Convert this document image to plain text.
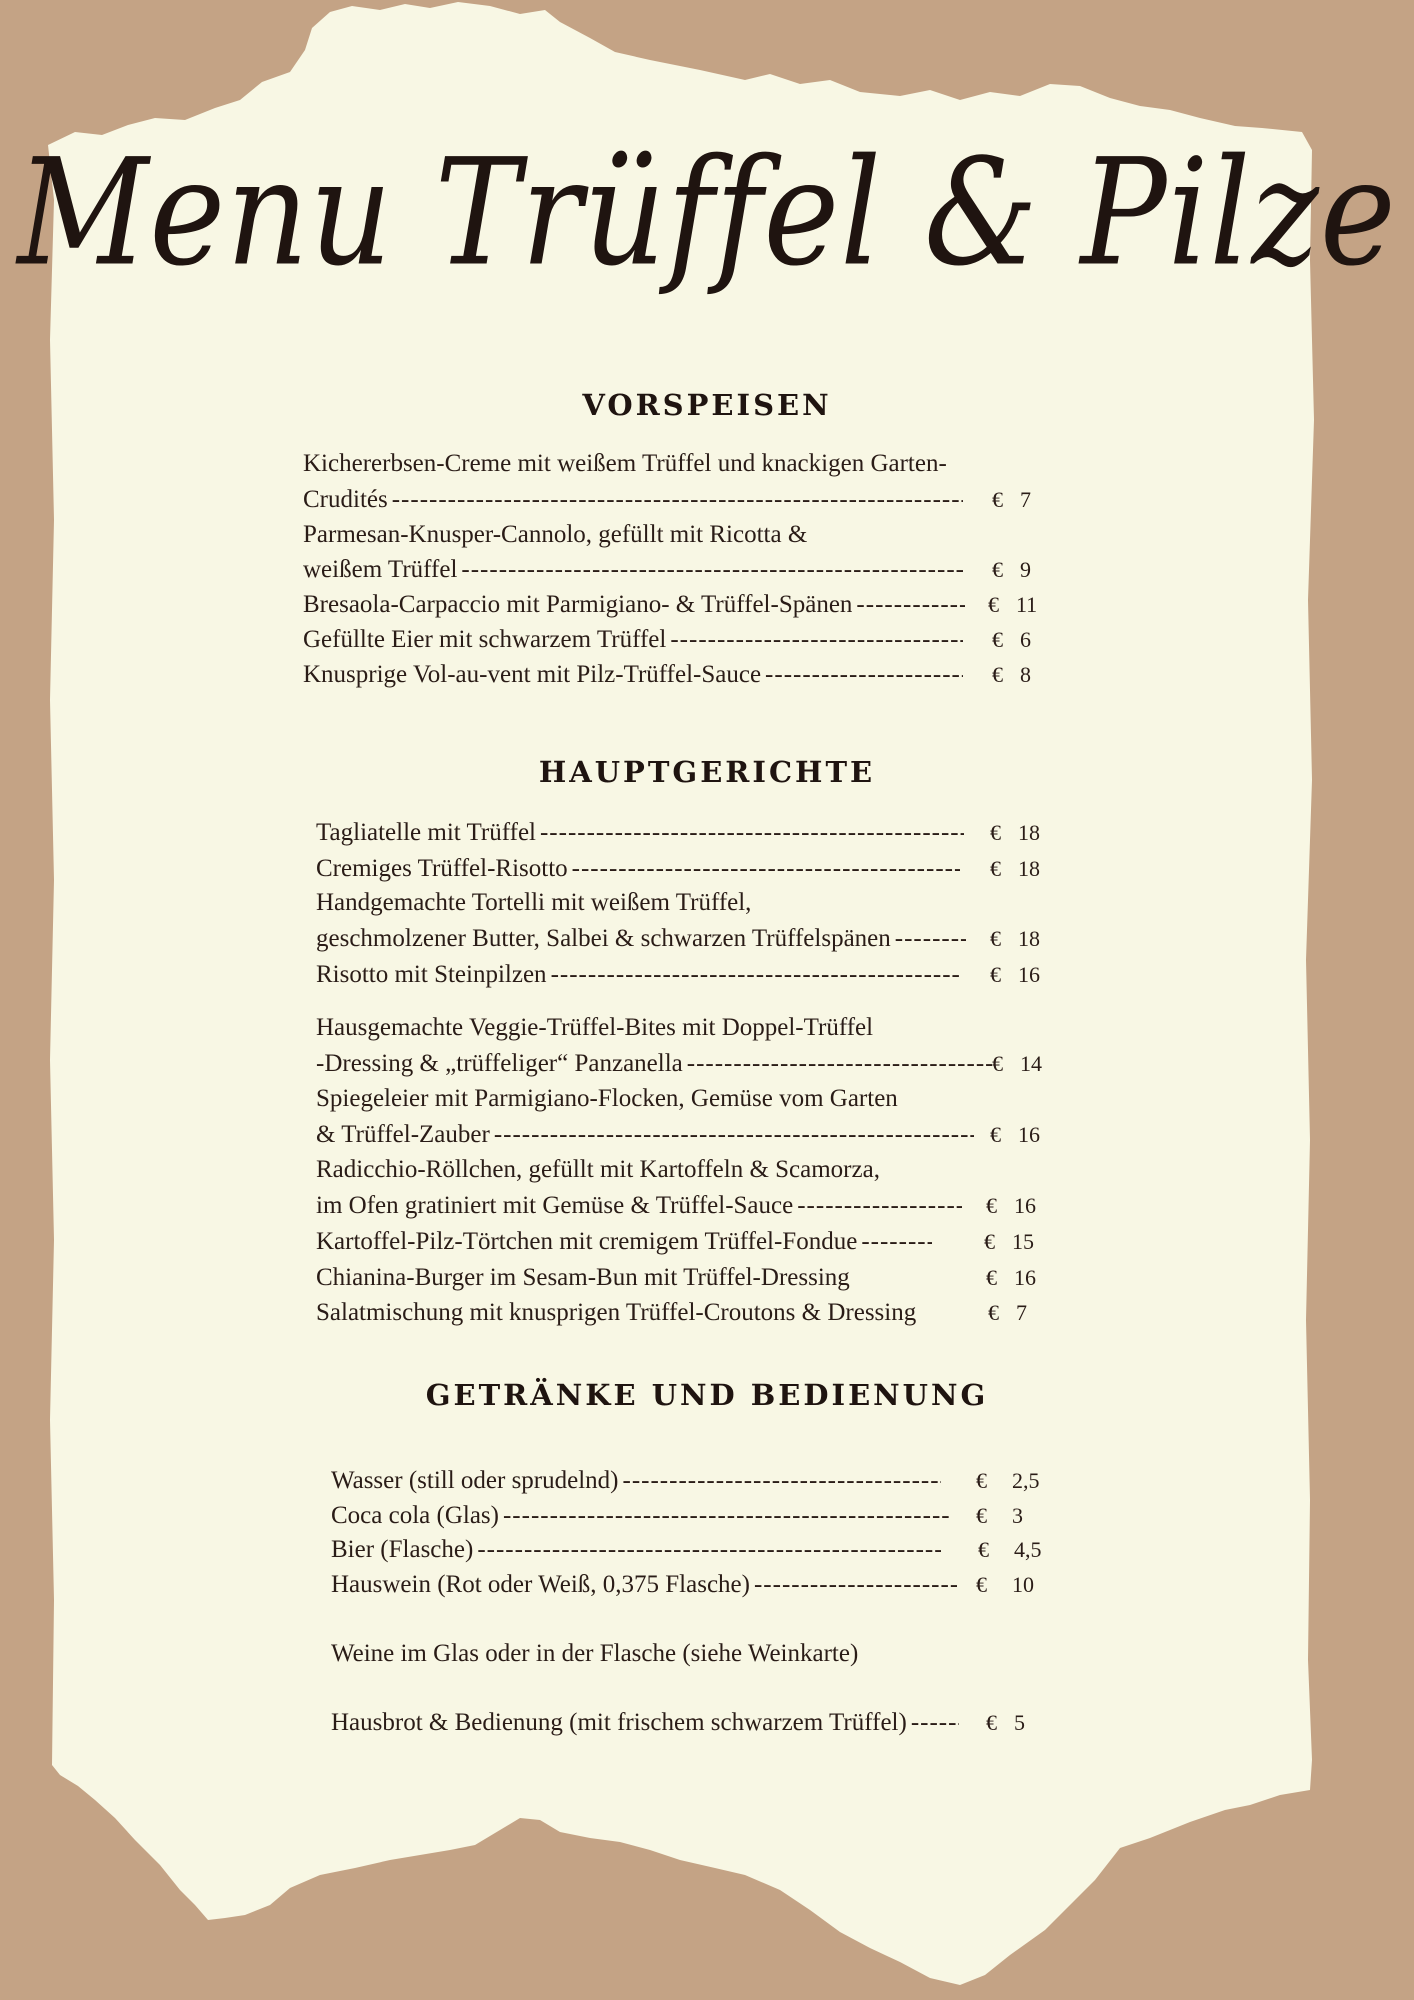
Menu Trüffel & Pilze
VORSPEISEN
Kichererbsen-Creme mit weißem Trüffel und knackigen Garten-
Crudités
-----
Parmesan-Knusper-Cannolo, gefüllt mit Ricotta &
weißem Trüffel
-----
Bresaola-Carpaccio mit Parmigiano- & Trüffel-Spänen
-----
Gefüllte Eier mit schwarzem Trüffel
-----
Knusprige Vol-au-vent mit Pilz-Trüffel-Sauce
-----
€ 7
€ 9
€ 11
€ 6
€ 8
HAUPTGERICHTE
Tagliatelle mit Trüffel
-----
Cremiges Trüffel-Risotto
-----
Handgemachte Tortelli mit weißem Trüffel,
geschmolzener Butter, Salbei & schwarzen Trüffelspänen
-----
Risotto mit Steinpilzen
-----
Hausgemachte Veggie-Trüffel-Bites mit Doppel-Trüffel
-Dressing & „trüffeliger“ Panzanella
-----
Spiegeleier mit Parmigiano-Flocken, Gemüse vom Garten
& Trüffel-Zauber
-----
Radicchio-Röllchen, gefüllt mit Kartoffeln & Scamorza,
im Ofen gratiniert mit Gemüse & Trüffel-Sauce
-----
Kartoffel-Pilz-Törtchen mit cremigem Trüffel-Fondue
-----
Chianina-Burger im Sesam-Bun mit Trüffel-Dressing
Salatmischung mit knusprigen Trüffel-Croutons & Dressing
€ 18
€ 18
€ 18
€ 16
€ 14
€ 16
€ 16
€ 15
€ 16
€ 7
GETRÄNKE UND BEDIENUNG
Wasser (still oder sprudelnd)
-----
Coca cola (Glas)
-----
Bier (Flasche)
-----
Hauswein (Rot oder Weiß, 0,375 Flasche)
-----
Weine im Glas oder in der Flasche (siehe Weinkarte)
Hausbrot & Bedienung (mit frischem schwarzem Trüffel)
-----
€ 2,5
€ 3
€ 4,5
€ 10
€ 5
